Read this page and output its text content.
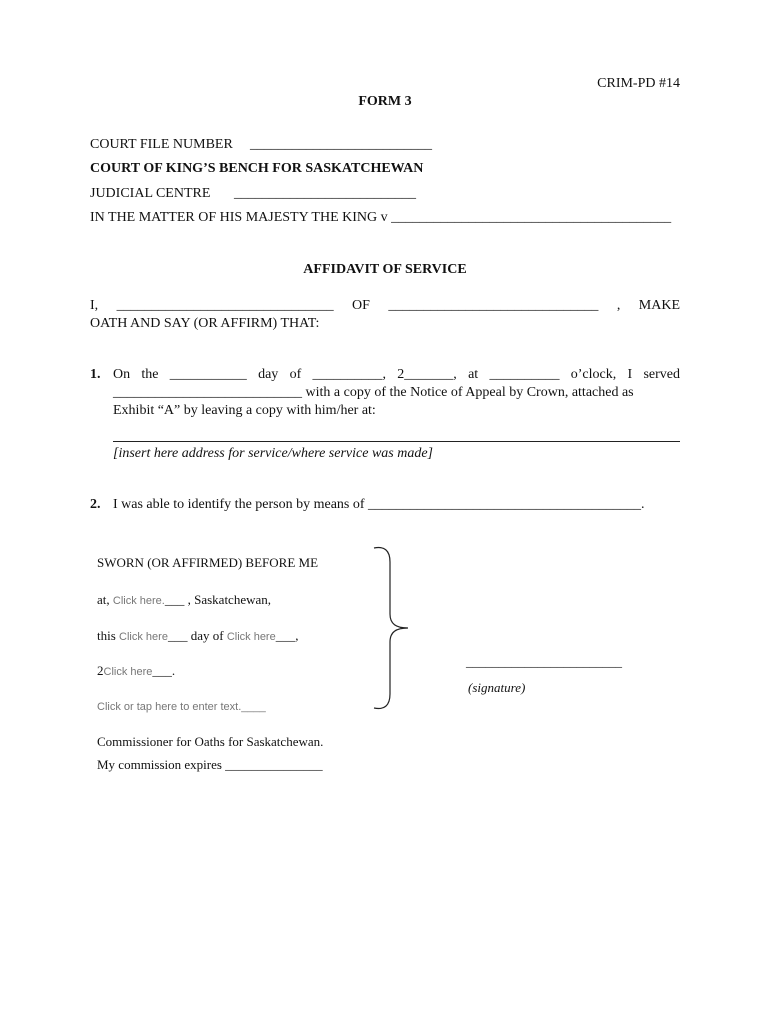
CRIM-PD #14
FORM 3
COURT FILE NUMBER __________________________
COURT OF KING’S BENCH FOR SASKATCHEWAN
JUDICIAL CENTRE __________________________
IN THE MATTER OF HIS MAJESTY THE KING v ________________________________________
AFFIDAVIT OF SERVICE
I, _______________________________ OF ______________________________ , MAKE
OATH AND SAY (OR AFFIRM) THAT:
1. On the ___________ day of __________, 2_______, at __________ o’clock, I served
___________________________ with a copy of the Notice of Appeal by Crown, attached as
Exhibit “A” by leaving a copy with him/her at:
[insert here address for service/where service was made]
2. I was able to identify the person by means of _______________________________________.
SWORN (OR AFFIRMED) BEFORE ME
at, Click here.___ , Saskatchewan,
this Click here___ day of Click here___,
2Click here___.
Click or tap here to enter text.____
Commissioner for Oaths for Saskatchewan.
My commission expires _______________
________________________
(signature)
